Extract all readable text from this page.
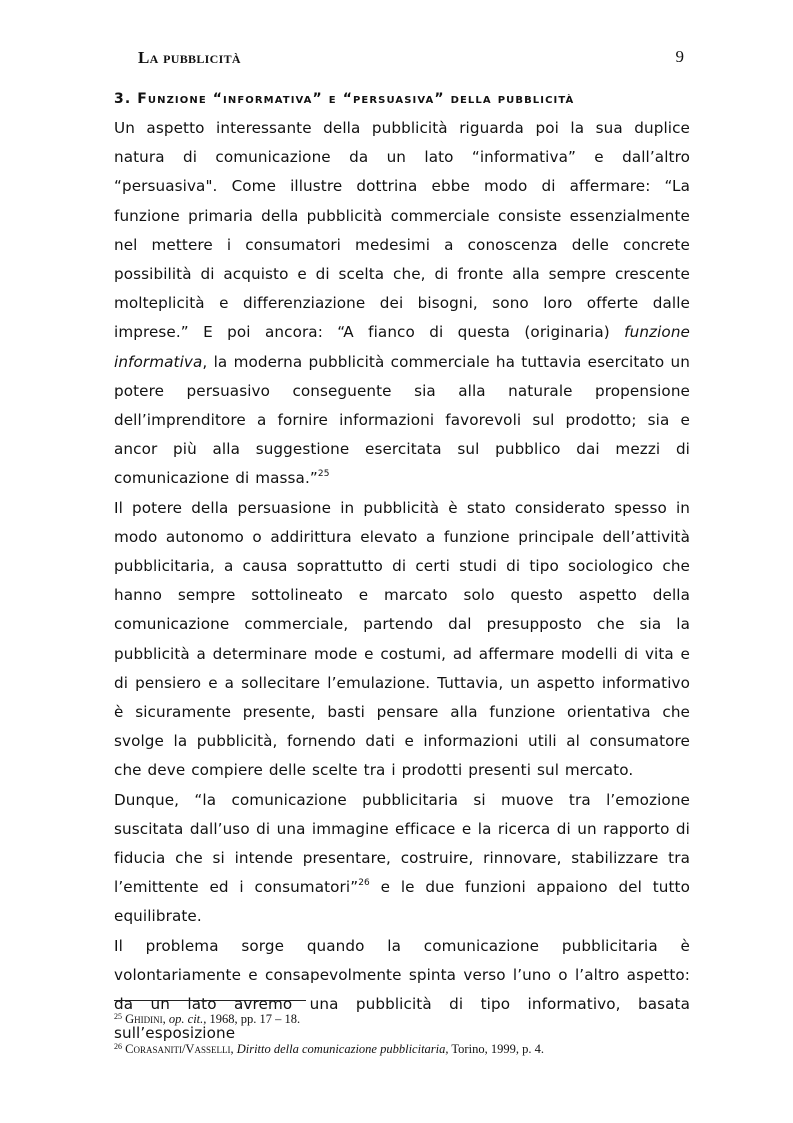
La pubblicità	9
3. Funzione “informativa” e “persuasiva” della pubblicità

Un aspetto interessante della pubblicità riguarda poi la sua duplice natura di comunicazione da un lato “informativa” e dall’altro “persuasiva". Come illustre dottrina ebbe modo di affermare: “La funzione primaria della pubblicità commerciale consiste essenzialmente nel mettere i consumatori medesimi a conoscenza delle concrete possibilità di acquisto e di scelta che, di fronte alla sempre crescente molteplicità e differenziazione dei bisogni, sono loro offerte dalle imprese.” E poi ancora: “A fianco di questa (originaria) funzione informativa, la moderna pubblicità commerciale ha tuttavia esercitato un potere persuasivo conseguente sia alla naturale propensione dell’imprenditore a fornire informazioni favorevoli sul prodotto; sia e ancor più alla suggestione esercitata sul pubblico dai mezzi di comunicazione di massa.”$^{25}$

Il potere della persuasione in pubblicità è stato considerato spesso in modo autonomo o addirittura elevato a funzione principale dell’attività pubblicitaria, a causa soprattutto di certi studi di tipo sociologico che hanno sempre sottolineato e marcato solo questo aspetto della comunicazione commerciale, partendo dal presupposto che sia la pubblicità a determinare mode e costumi, ad affermare modelli di vita e di pensiero e a sollecitare l’emulazione. Tuttavia, un aspetto informativo è sicuramente presente, basti pensare alla funzione orientativa che svolge la pubblicità, fornendo dati e informazioni utili al consumatore che deve compiere delle scelte tra i prodotti presenti sul mercato.

Dunque, “la comunicazione pubblicitaria si muove tra l’emozione suscitata dall’uso di una immagine efficace e la ricerca di un rapporto di fiducia che si intende presentare, costruire, rinnovare, stabilizzare tra l’emittente ed i consumatori”$^{26}$ e le due funzioni appaiono del tutto equilibrate.

Il problema sorge quando la comunicazione pubblicitaria è volontariamente e consapevolmente spinta verso l’uno o l’altro aspetto: da un lato avremo una pubblicità di tipo informativo, basata sull’esposizione

$^{25}$ Ghidini, op. cit., 1968, pp. 17 – 18.
$^{26}$ Corasaniti/Vasselli, Diritto della comunicazione pubblicitaria, Torino, 1999, p. 4.
